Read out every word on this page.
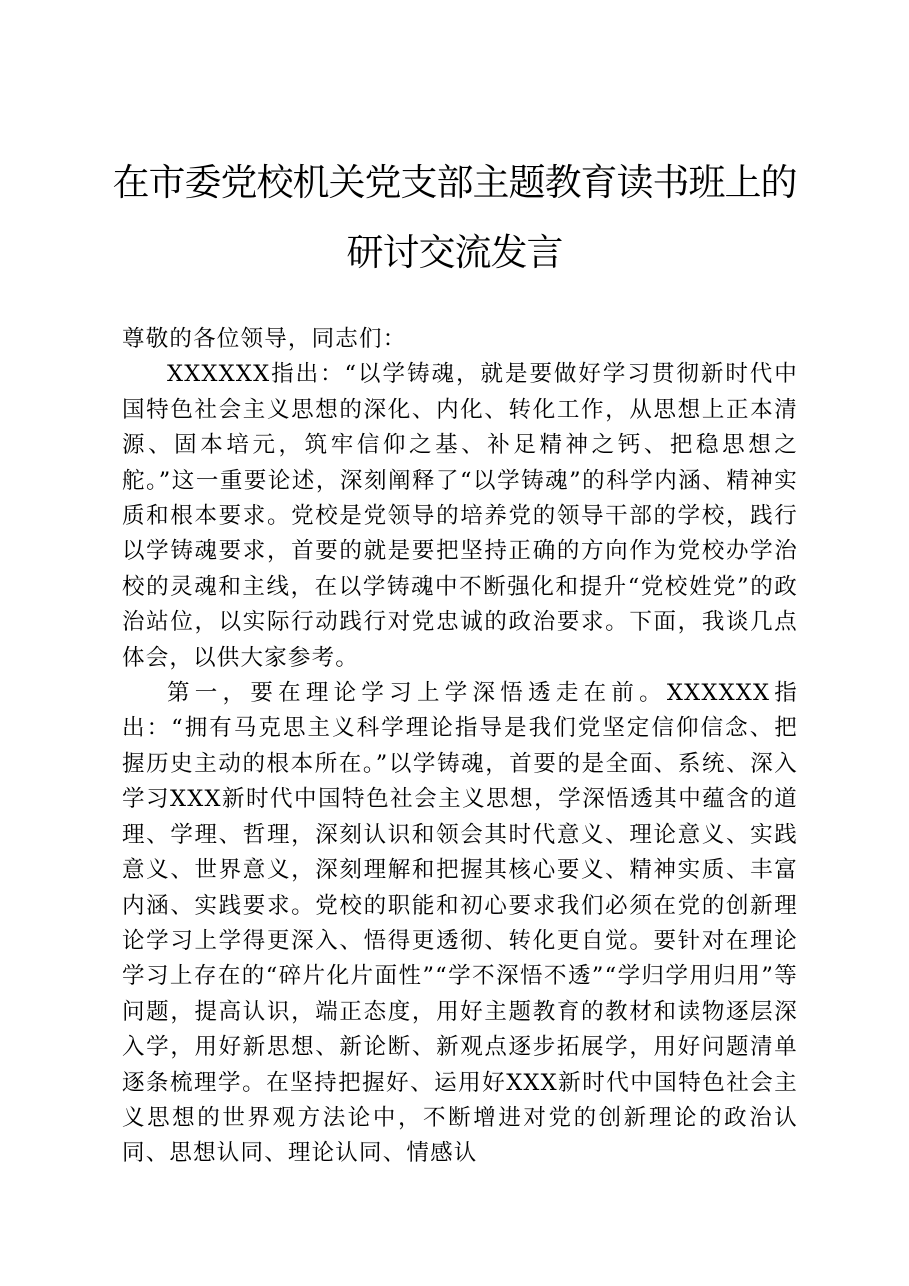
在市委党校机关党支部主题教育读书班上的研讨交流发言

尊敬的各位领导，同志们：

XXXXXX指出：“以学铸魂，就是要做好学习贯彻新时代中国特色社会主义思想的深化、内化、转化工作，从思想上正本清源、固本培元，筑牢信仰之基、补足精神之钙、把稳思想之舵。”这一重要论述，深刻阐释了“以学铸魂”的科学内涵、精神实质和根本要求。党校是党领导的培养党的领导干部的学校，践行以学铸魂要求，首要的就是要把坚持正确的方向作为党校办学治校的灵魂和主线，在以学铸魂中不断强化和提升“党校姓党”的政治站位，以实际行动践行对党忠诚的政治要求。下面，我谈几点体会，以供大家参考。

第一，要在理论学习上学深悟透走在前。XXXXXX指出：“拥有马克思主义科学理论指导是我们党坚定信仰信念、把握历史主动的根本所在。”以学铸魂，首要的是全面、系统、深入学习XXX新时代中国特色社会主义思想，学深悟透其中蕴含的道理、学理、哲理，深刻认识和领会其时代意义、理论意义、实践意义、世界意义，深刻理解和把握其核心要义、精神实质、丰富内涵、实践要求。党校的职能和初心要求我们必须在党的创新理论学习上学得更深入、悟得更透彻、转化更自觉。要针对在理论学习上存在的“碎片化片面性”“学不深悟不透”“学归学用归用”等问题，提高认识，端正态度，用好主题教育的教材和读物逐层深入学，用好新思想、新论断、新观点逐步拓展学，用好问题清单逐条梳理学。在坚持把握好、运用好XXX新时代中国特色社会主义思想的世界观方法论中，不断增进对党的创新理论的政治认同、思想认同、理论认同、情感认
